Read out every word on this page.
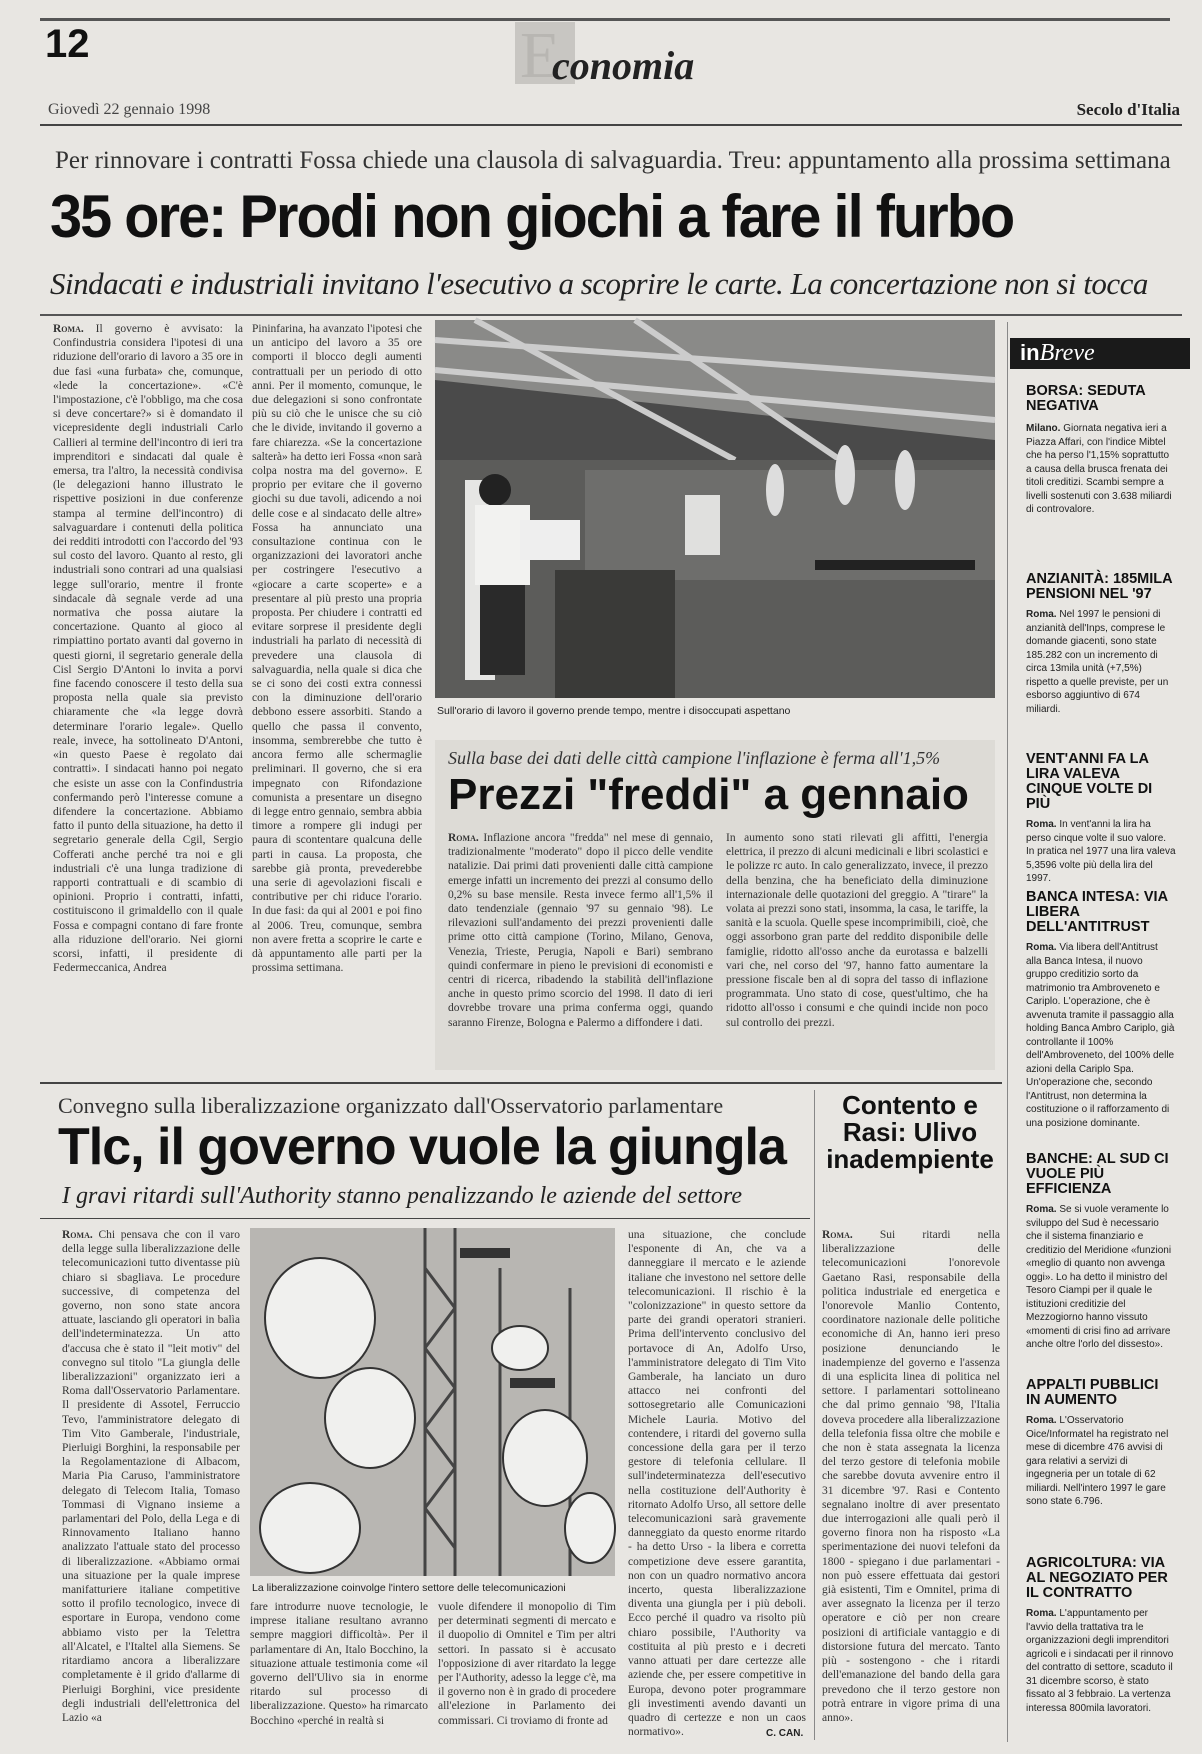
12	E
conomia
Giovedì 22 gennaio 1998	Secolo d'Italia
Per rinnovare i contratti Fossa chiede una clausola di salvaguardia. Treu: appuntamento alla prossima settimana
35 ore: Prodi non giochi a fare il furbo
Sindacati e industriali invitano l'esecutivo a scoprire le carte. La concertazione non si tocca
Roma. Il governo è avvisato: la Confindustria considera l'ipotesi di una riduzione dell'orario di lavoro a 35 ore in due fasi «una furbata» che, comunque, «lede la concertazione». «C'è l'impostazione, c'è l'obbligo, ma che cosa si deve concertare?» si è domandato il vicepresidente degli industriali Carlo Callieri al termine dell'incontro di ieri tra imprenditori e sindacati dal quale è emersa, tra l'altro, la necessità condivisa (le delegazioni hanno illustrato le rispettive posizioni in due conferenze stampa al termine dell'incontro) di salvaguardare i contenuti della politica dei redditi introdotti con l'accordo del '93 sul costo del lavoro. Quanto al resto, gli industriali sono contrari ad una qualsiasi legge sull'orario, mentre il fronte sindacale dà segnale verde ad una normativa che possa aiutare la concertazione. Quanto al gioco al rimpiattino portato avanti dal governo in questi giorni, il segretario generale della Cisl Sergio D'Antoni lo invita a porvi fine facendo conoscere il testo della sua proposta nella quale sia previsto chiaramente che «la legge dovrà determinare l'orario legale». Quello reale, invece, ha sottolineato D'Antoni, «in questo Paese è regolato dai contratti». I sindacati hanno poi negato che esiste un asse con la Confindustria confermando però l'interesse comune a difendere la concertazione. Abbiamo fatto il punto della situazione, ha detto il segretario generale della Cgil, Sergio Cofferati anche perché tra noi e gli industriali c'è una lunga tradizione di rapporti contrattuali e di scambio di opinioni. Proprio i contratti, infatti, costituiscono il grimaldello con il quale Fossa e compagni contano di fare fronte alla riduzione dell'orario. Nei giorni scorsi, infatti, il presidente di Federmeccanica, Andrea
Pininfarina, ha avanzato l'ipotesi che un anticipo del lavoro a 35 ore comporti il blocco degli aumenti contrattuali per un periodo di otto anni. Per il momento, comunque, le due delegazioni si sono confrontate più su ciò che le unisce che su ciò che le divide, invitando il governo a fare chiarezza. «Se la concertazione salterà» ha detto ieri Fossa «non sarà colpa nostra ma del governo». E proprio per evitare che il governo giochi su due tavoli, adicendo a noi delle cose e al sindacato delle altre» Fossa ha annunciato una consultazione continua con le organizzazioni dei lavoratori anche per costringere l'esecutivo a «giocare a carte scoperte» e a presentare al più presto una propria proposta. Per chiudere i contratti ed evitare sorprese il presidente degli industriali ha parlato di necessità di prevedere una clausola di salvaguardia, nella quale si dica che se ci sono dei costi extra connessi con la diminuzione dell'orario debbono essere assorbiti. Stando a quello che passa il convento, insomma, sembrerebbe che tutto è ancora fermo alle schermaglie preliminari. Il governo, che si era impegnato con Rifondazione comunista a presentare un disegno di legge entro gennaio, sembra abbia timore a rompere gli indugi per paura di scontentare qualcuna delle parti in causa. La proposta, che sarebbe già pronta, prevederebbe una serie di agevolazioni fiscali e contributive per chi riduce l'orario. In due fasi: da qui al 2001 e poi fino al 2006. Treu, comunque, sembra non avere fretta a scoprire le carte e dà appuntamento alle parti per la prossima settimana.
Sull'orario di lavoro il governo prende tempo, mentre i disoccupati aspettano
Sulla base dei dati delle città campione l'inflazione è ferma all'1,5%
Prezzi "freddi" a gennaio
Roma. Inflazione ancora "fredda" nel mese di gennaio, tradizionalmente "moderato" dopo il picco delle vendite natalizie. Dai primi dati provenienti dalle città campione emerge infatti un incremento dei prezzi al consumo dello 0,2% su base mensile. Resta invece fermo all'1,5% il dato tendenziale (gennaio '97 su gennaio '98). Le rilevazioni sull'andamento dei prezzi provenienti dalle prime otto città campione (Torino, Milano, Genova, Venezia, Trieste, Perugia, Napoli e Bari) sembrano quindi confermare in pieno le previsioni di economisti e centri di ricerca, ribadendo la stabilità dell'inflazione anche in questo primo scorcio del 1998. Il dato di ieri dovrebbe trovare una prima conferma oggi, quando saranno Firenze, Bologna e Palermo a diffondere i dati.
In aumento sono stati rilevati gli affitti, l'energia elettrica, il prezzo di alcuni medicinali e libri scolastici e le polizze rc auto. In calo generalizzato, invece, il prezzo della benzina, che ha beneficiato della diminuzione internazionale delle quotazioni del greggio. A "tirare" la volata ai prezzi sono stati, insomma, la casa, le tariffe, la sanità e la scuola. Quelle spese incomprimibili, cioè, che oggi assorbono gran parte del reddito disponibile delle famiglie, ridotto all'osso anche da eurotassa e balzelli vari che, nel corso del '97, hanno fatto aumentare la pressione fiscale ben al di sopra del tasso di inflazione programmata. Uno stato di cose, quest'ultimo, che ha ridotto all'osso i consumi e che quindi incide non poco sul controllo dei prezzi.
inBreve
BORSA: SEDUTA NEGATIVA
Milano. Giornata negativa ieri a Piazza Affari, con l'indice Mibtel che ha perso l'1,15% soprattutto a causa della brusca frenata dei titoli creditizi. Scambi sempre a livelli sostenuti con 3.638 miliardi di controvalore.
ANZIANITÀ: 185MILA PENSIONI NEL '97
Roma. Nel 1997 le pensioni di anzianità dell'Inps, comprese le domande giacenti, sono state 185.282 con un incremento di circa 13mila unità (+7,5%) rispetto a quelle previste, per un esborso aggiuntivo di 674 miliardi.
VENT'ANNI FA LA LIRA VALEVA CINQUE VOLTE DI PIÙ
Roma. In vent'anni la lira ha perso cinque volte il suo valore. In pratica nel 1977 una lira valeva 5,3596 volte più della lira del 1997.
BANCA INTESA: VIA LIBERA DELL'ANTITRUST
Roma. Via libera dell'Antitrust alla Banca Intesa, il nuovo gruppo creditizio sorto da matrimonio tra Ambroveneto e Cariplo. L'operazione, che è avvenuta tramite il passaggio alla holding Banca Ambro Cariplo, già controllante il 100% dell'Ambroveneto, del 100% delle azioni della Cariplo Spa. Un'operazione che, secondo l'Antitrust, non determina la costituzione o il rafforzamento di una posizione dominante.
BANCHE: AL SUD CI VUOLE PIÙ EFFICIENZA
Roma. Se si vuole veramente lo sviluppo del Sud è necessario che il sistema finanziario e creditizio del Meridione «funzioni «meglio di quanto non avvenga oggi». Lo ha detto il ministro del Tesoro Ciampi per il quale le istituzioni creditizie del Mezzogiorno hanno vissuto «momenti di crisi fino ad arrivare anche oltre l'orlo del dissesto».
APPALTI PUBBLICI IN AUMENTO
Roma. L'Osservatorio Oice/Informatel ha registrato nel mese di dicembre 476 avvisi di gara relativi a servizi di ingegneria per un totale di 62 miliardi. Nell'intero 1997 le gare sono state 6.796.
AGRICOLTURA: VIA AL NEGOZIATO PER IL CONTRATTO
Roma. L'appuntamento per l'avvio della trattativa tra le organizzazioni degli imprenditori agricoli e i sindacati per il rinnovo del contratto di settore, scaduto il 31 dicembre scorso, è stato fissato al 3 febbraio. La vertenza interessa 800mila lavoratori.
Convegno sulla liberalizzazione organizzato dall'Osservatorio parlamentare
Tlc, il governo vuole la giungla
I gravi ritardi sull'Authority stanno penalizzando le aziende del settore
Roma. Chi pensava che con il varo della legge sulla liberalizzazione delle telecomunicazioni tutto diventasse più chiaro si sbagliava. Le procedure successive, di competenza del governo, non sono state ancora attuate, lasciando gli operatori in balìa dell'indeterminatezza. Un atto d'accusa che è stato il "leit motiv" del convegno sul titolo "La giungla delle liberalizzazioni" organizzato ieri a Roma dall'Osservatorio Parlamentare. Il presidente di Assotel, Ferruccio Tevo, l'amministratore delegato di Tim Vito Gamberale, l'industriale, Pierluigi Borghini, la responsabile per la Regolamentazione di Albacom, Maria Pia Caruso, l'amministratore delegato di Telecom Italia, Tomaso Tommasi di Vignano insieme a parlamentari del Polo, della Lega e di Rinnovamento Italiano hanno analizzato l'attuale stato del processo di liberalizzazione. «Abbiamo ormai una situazione per la quale imprese manifatturiere italiane competitive sotto il profilo tecnologico, invece di esportare in Europa, vendono come abbiamo visto per la Telettra all'Alcatel, e l'Italtel alla Siemens. Se ritardiamo ancora a liberalizzare completamente è il grido d'allarme di Pierluigi Borghini, vice presidente degli industriali dell'elettronica del Lazio «a
La liberalizzazione coinvolge l'intero settore delle telecomunicazioni
fare introdurre nuove tecnologie, le imprese italiane resultano avranno sempre maggiori difficoltà». Per il parlamentare di An, Italo Bocchino, la situazione attuale testimonia come «il governo dell'Ulivo sia in enorme ritardo sul processo di liberalizzazione. Questo» ha rimarcato Bocchino «perché in realtà si
vuole difendere il monopolio di Tim per determinati segmenti di mercato e il duopolio di Omnitel e Tim per altri settori. In passato si è accusato l'opposizione di aver ritardato la legge per l'Authority, adesso la legge c'è, ma il governo non è in grado di procedere all'elezione in Parlamento dei commissari. Ci troviamo di fronte ad
una situazione, che conclude l'esponente di An, che va a danneggiare il mercato e le aziende italiane che investono nel settore delle telecomunicazioni. Il rischio è la "colonizzazione" in questo settore da parte dei grandi operatori stranieri. Prima dell'intervento conclusivo del portavoce di An, Adolfo Urso, l'amministratore delegato di Tim Vito Gamberale, ha lanciato un duro attacco nei confronti del sottosegretario alle Comunicazioni Michele Lauria. Motivo del contendere, i ritardi del governo sulla concessione della gara per il terzo gestore di telefonia cellulare. Il sull'indeterminatezza dell'esecutivo nella costituzione dell'Authority è ritornato Adolfo Urso, all settore delle telecomunicazioni sarà gravemente danneggiato da questo enorme ritardo - ha detto Urso - la libera e corretta competizione deve essere garantita, non con un quadro normativo ancora incerto, questa liberalizzazione diventa una giungla per i più deboli. Ecco perché il quadro va risolto più chiaro possibile, l'Authority va costituita al più presto e i decreti vanno attuati per dare certezze alle aziende che, per essere competitive in Europa, devono poter programmare gli investimenti avendo davanti un quadro di certezze e non un caos normativo».	C. CAN.
Contento e Rasi: Ulivo inadempiente
Roma. Sui ritardi nella liberalizzazione delle telecomunicazioni l'onorevole Gaetano Rasi, responsabile della politica industriale ed energetica e l'onorevole Manlio Contento, coordinatore nazionale delle politiche economiche di An, hanno ieri preso posizione denunciando le inadempienze del governo e l'assenza di una esplicita linea di politica nel settore. I parlamentari sottolineano che dal primo gennaio '98, l'Italia doveva procedere alla liberalizzazione della telefonia fissa oltre che mobile e che non è stata assegnata la licenza del terzo gestore di telefonia mobile che sarebbe dovuta avvenire entro il 31 dicembre '97. Rasi e Contento segnalano inoltre di aver presentato due interrogazioni alle quali però il governo finora non ha risposto «La sperimentazione dei nuovi telefoni da 1800 - spiegano i due parlamentari - non può essere effettuata dai gestori già esistenti, Tim e Omnitel, prima di aver assegnato la licenza per il terzo operatore e ciò per non creare posizioni di artificiale vantaggio e di distorsione futura del mercato. Tanto più - sostengono - che i ritardi dell'emanazione del bando della gara prevedono che il terzo gestore non potrà entrare in vigore prima di una anno».
